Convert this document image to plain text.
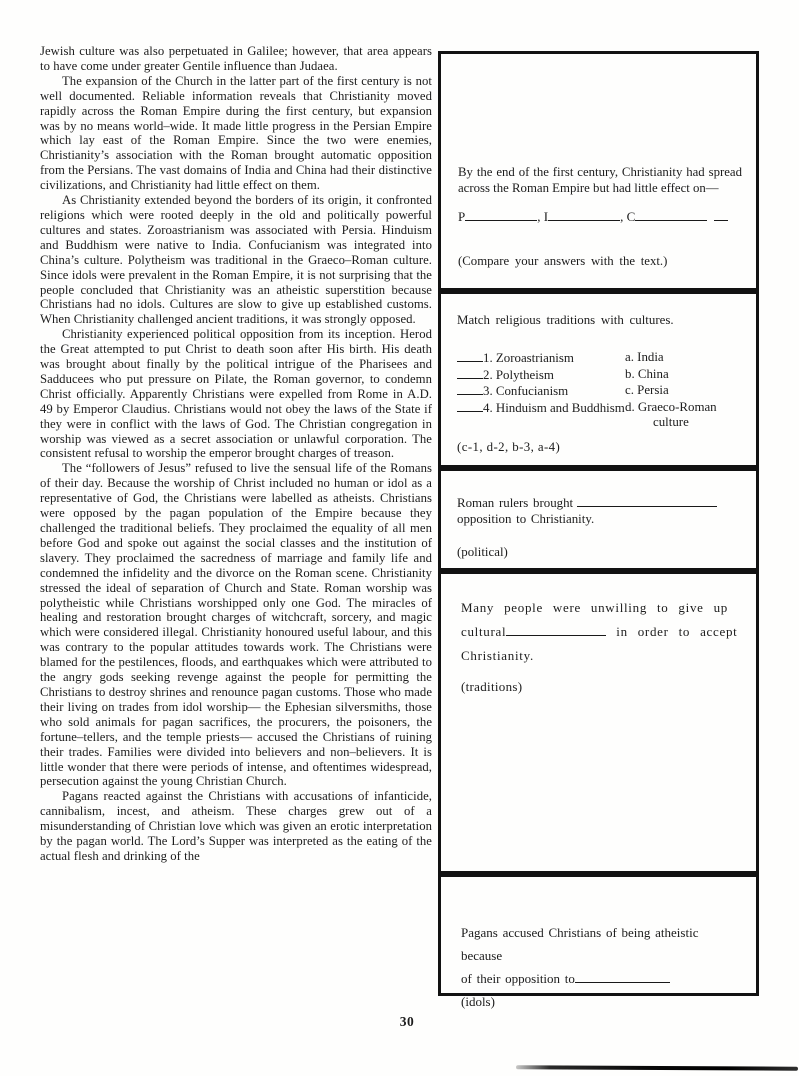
Jewish culture was also perpetuated in Galilee; however, that area appears to have come under greater Gentile influence than Judaea.

The expansion of the Church in the latter part of the first century is not well documented. Reliable information reveals that Christianity moved rapidly across the Roman Empire during the first century, but expansion was by no means world–wide. It made little progress in the Persian Empire which lay east of the Roman Empire. Since the two were enemies, Christianity’s association with the Roman brought automatic opposition from the Persians. The vast domains of India and China had their distinctive civilizations, and Christianity had little effect on them.

As Christianity extended beyond the borders of its origin, it confronted religions which were rooted deeply in the old and politically powerful cultures and states. Zoroastrianism was associated with Persia. Hinduism and Buddhism were native to India. Confucianism was integrated into China’s culture. Polytheism was traditional in the Graeco–Roman culture. Since idols were prevalent in the Roman Empire, it is not surprising that the people concluded that Christianity was an atheistic superstition because Christians had no idols. Cultures are slow to give up established customs. When Christianity challenged ancient traditions, it was strongly opposed.

Christianity experienced political opposition from its inception. Herod the Great attempted to put Christ to death soon after His birth. His death was brought about finally by the political intrigue of the Pharisees and Sadducees who put pressure on Pilate, the Roman governor, to condemn Christ officially. Apparently Christians were expelled from Rome in A.D. 49 by Emperor Claudius. Christians would not obey the laws of the State if they were in conflict with the laws of God. The Christian congregation in worship was viewed as a secret association or unlawful corporation. The consistent refusal to worship the emperor brought charges of treason.

The “followers of Jesus” refused to live the sensual life of the Romans of their day. Because the worship of Christ included no human or idol as a representative of God, the Christians were labelled as atheists. Christians were opposed by the pagan population of the Empire because they challenged the traditional beliefs. They proclaimed the equality of all men before God and spoke out against the social classes and the institution of slavery. They proclaimed the sacredness of marriage and family life and condemned the infidelity and the divorce on the Roman scene. Christianity stressed the ideal of separation of Church and State. Roman worship was polytheistic while Christians worshipped only one God. The miracles of healing and restoration brought charges of witchcraft, sorcery, and magic which were considered illegal. Christianity honoured useful labour, and this was contrary to the popular attitudes towards work. The Christians were blamed for the pestilences, floods, and earthquakes which were attributed to the angry gods seeking revenge against the people for permitting the Christians to destroy shrines and renounce pagan customs. Those who made their living on trades from idol worship— the Ephesian silversmiths, those who sold animals for pagan sacrifices, the procurers, the poisoners, the fortune–tellers, and the temple priests— accused the Christians of ruining their trades. Families were divided into believers and non–believers. It is little wonder that there were periods of intense, and oftentimes widespread, persecution against the young Christian Church.

Pagans reacted against the Christians with accusations of infanticide, cannibalism, incest, and atheism. These charges grew out of a misunderstanding of Christian love which was given an erotic interpretation by the pagan world. The Lord’s Supper was interpreted as the eating of the actual flesh and drinking of the

By the end of the first century, Christianity had spread across the Roman Empire but had little effect on—
P	, I	, C
(Compare your answers with the text.)
Match religious traditions with cultures.
1. Zoroastrianism	a. India
2. Polytheism	b. China
3. Confucianism	c. Persia
4. Hinduism and Buddhism d. Graeco-Roman culture
(c-1, d-2, b-3, a-4)
Roman rulers brought
opposition to Christianity.
(political)
Many people were unwilling to give up
cultural	in order to accept
Christianity.
(traditions)
Pagans accused Christians of being atheistic because
of their opposition to
(idols)
30
